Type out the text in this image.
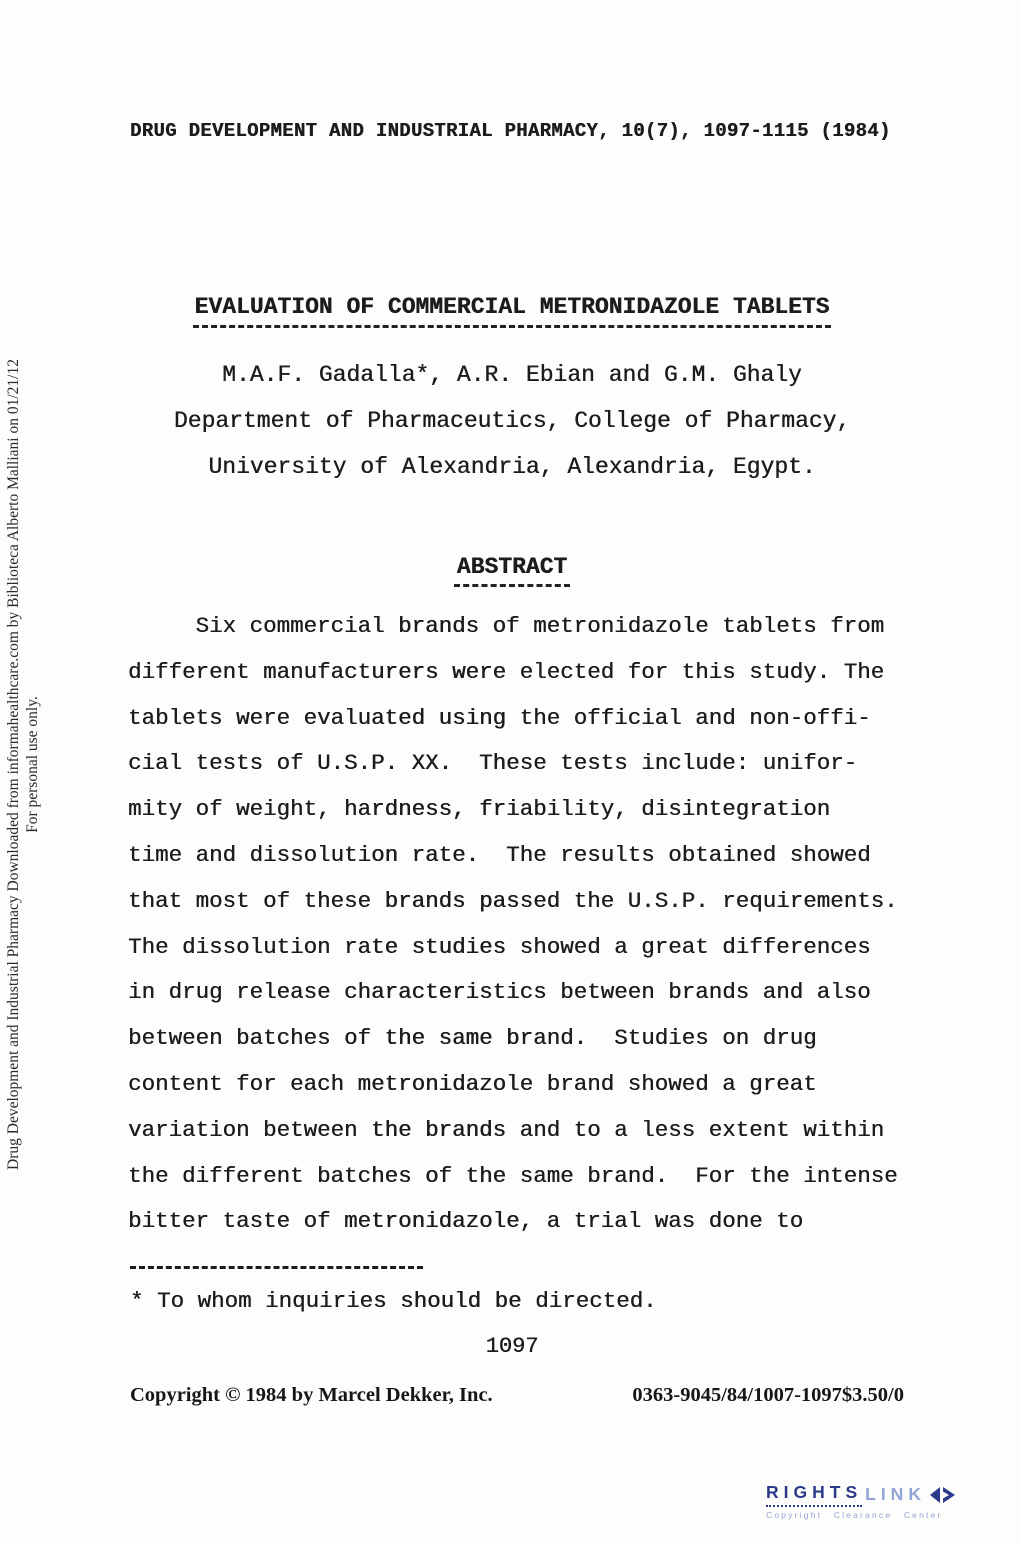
DRUG DEVELOPMENT AND INDUSTRIAL PHARMACY, 10(7), 1097-1115 (1984)
EVALUATION OF COMMERCIAL METRONIDAZOLE TABLETS
M.A.F. Gadalla*, A.R. Ebian and G.M. Ghaly
Department of Pharmaceutics, College of Pharmacy,
University of Alexandria, Alexandria, Egypt.
ABSTRACT
Six commercial brands of metronidazole tablets from
different manufacturers were elected for this study. The
tablets were evaluated using the official and non-offi-
cial tests of U.S.P. XX.  These tests include: unifor-
mity of weight, hardness, friability, disintegration
time and dissolution rate.  The results obtained showed
that most of these brands passed the U.S.P. requirements.
The dissolution rate studies showed a great differences
in drug release characteristics between brands and also
between batches of the same brand.  Studies on drug
content for each metronidazole brand showed a great
variation between the brands and to a less extent within
the different batches of the same brand.  For the intense
bitter taste of metronidazole, a trial was done to

* To whom inquiries should be directed.
1097
Copyright © 1984 by Marcel Dekker, Inc.	0363-9045/84/1007-1097$3.50/0
Drug Development and Industrial Pharmacy Downloaded from informahealthcare.com by Biblioteca Alberto Malliani on 01/21/12 For personal use only.
RIGHTS LINK
Copyright Clearance Center
